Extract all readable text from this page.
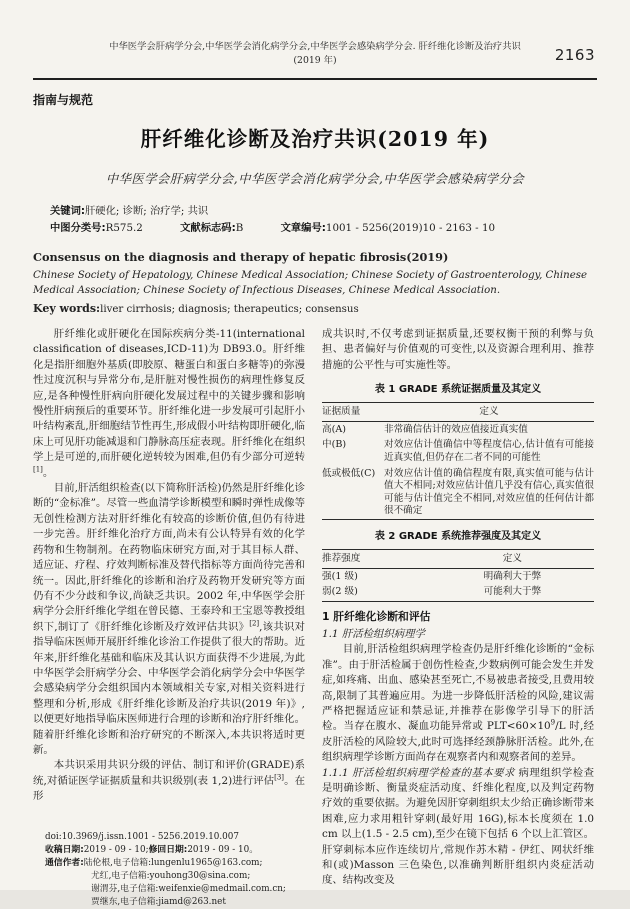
中华医学会肝病学分会,中华医学会消化病学分会,中华医学会感染病学分会. 肝纤维化诊断及治疗共识(2019 年)	2163
指南与规范
肝纤维化诊断及治疗共识(2019 年)
中华医学会肝病学分会,中华医学会消化病学分会,中华医学会感染病学分会
关键词:肝硬化; 诊断; 治疗学; 共识
中图分类号:R575.2	文献标志码:B	文章编号:1001 - 5256(2019)10 - 2163 - 10
Consensus on the diagnosis and therapy of hepatic fibrosis(2019)
Chinese Society of Hepatology, Chinese Medical Association; Chinese Society of Gastroenterology, Chinese Medical Association; Chinese Society of Infectious Diseases, Chinese Medical Association.
Key words:liver cirrhosis; diagnosis; therapeutics; consensus

肝纤维化或肝硬化在国际疾病分类-11(international classification of diseases,ICD-11)为 DB93.0。肝纤维化是指肝细胞外基质(即胶原、糖蛋白和蛋白多糖等)的弥漫性过度沉积与异常分布,是肝脏对慢性损伤的病理性修复反应,是各种慢性肝病向肝硬化发展过程中的关键步骤和影响慢性肝病预后的重要环节。肝纤维化进一步发展可引起肝小叶结构紊乱,肝细胞结节性再生,形成假小叶结构即肝硬化,临床上可见肝功能减退和门静脉高压症表现。肝纤维化在组织学上是可逆的,而肝硬化逆转较为困难,但仍有少部分可逆转[1]。

目前,肝活组织检查(以下简称肝活检)仍然是肝纤维化诊断的“金标准”。尽管一些血清学诊断模型和瞬时弹性成像等无创性检测方法对肝纤维化有较高的诊断价值,但仍有待进一步完善。肝纤维化治疗方面,尚未有公认特异有效的化学药物和生物制剂。在药物临床研究方面,对于其目标人群、适应证、疗程、疗效判断标准及替代指标等方面尚待完善和统一。因此,肝纤维化的诊断和治疗及药物开发研究等方面仍有不少分歧和争议,尚缺乏共识。2002 年,中华医学会肝病学分会肝纤维化学组在曾民德、王泰玲和王宝恩等教授组织下,制订了《肝纤维化诊断及疗效评估共识》[2],该共识对指导临床医师开展肝纤维化诊治工作提供了很大的帮助。近年来,肝纤维化基础和临床及其认识方面获得不少进展,为此中华医学会肝病学分会、中华医学会消化病学分会中华医学会感染病学分会组织国内本领域相关专家,对相关资料进行整理和分析,形成《肝纤维化诊断及治疗共识(2019 年)》,以便更好地指导临床医师进行合理的诊断和治疗肝纤维化。随着肝纤维化诊断和治疗研究的不断深入,本共识将适时更新。

本共识采用共识分级的评估、制订和评价(GRADE)系统,对循证医学证据质量和共识级别(表 1,2)进行评估[3]。在形

doi:10.3969/j.issn.1001 - 5256.2019.10.007
收稿日期:2019 - 09 - 10;修回日期:2019 - 09 - 10。
通信作者:陆伦根,电子信箱:lungenlu1965@163.com;
尤红,电子信箱:youhong30@sina.com;
谢渭芬,电子信箱:weifenxie@medmail.com.cn;
贾继东,电子信箱:jiamd@263.net

成共识时,不仅考虑到证据质量,还要权衡干预的利弊与负担、患者偏好与价值观的可变性,以及资源合理利用、推荐措施的公平性与可实施性等。

表 1 GRADE 系统证据质量及其定义
证据质量	定义
高(A)	非常确信估计的效应值接近真实值
中(B)	对效应估计值确信中等程度信心,估计值有可能接近真实值,但仍存在二者不同的可能性
低或极低(C)	对效应估计值的确信程度有限,真实值可能与估计值大不相同;对效应估计值几乎没有信心,真实值很可能与估计值完全不相同,对效应值的任何估计都很不确定
表 2 GRADE 系统推荐强度及其定义
推荐强度	定义
强(1 级)	明确利大于弊
弱(2 级)	可能利大于弊
1 肝纤维化诊断和评估
1.1 肝活检组织病理学

目前,肝活检组织病理学检查仍是肝纤维化诊断的“金标准”。由于肝活检属于创伤性检查,少数病例可能会发生并发症,如疼痛、出血、感染甚至死亡,不易被患者接受,且费用较高,限制了其普遍应用。为进一步降低肝活检的风险,建议需严格把握适应证和禁忌证,并推荐在影像学引导下的肝活检。当存在腹水、凝血功能异常或 $PLT<60\times 10^9/L$ 时,经皮肝活检的风险较大,此时可选择经颈静脉肝活检。此外,在组织病理学诊断方面尚存在观察者内和观察者间的差异。

1.1.1 肝活检组织病理学检查的基本要求 病理组织学检查是明确诊断、衡量炎症活动度、纤维化程度,以及判定药物疗效的重要依据。为避免因肝穿刺组织太少给正确诊断带来困难,应力求用粗针穿刺(最好用 16G),标本长度须在 1.0 cm 以上(1.5 - 2.5 cm),至少在镜下包括 6 个以上汇管区。肝穿刺标本应作连续切片,常规作苏木精 - 伊红、网状纤维和(或)Masson 三色染色,以准确判断肝组织内炎症活动度、结构改变及
